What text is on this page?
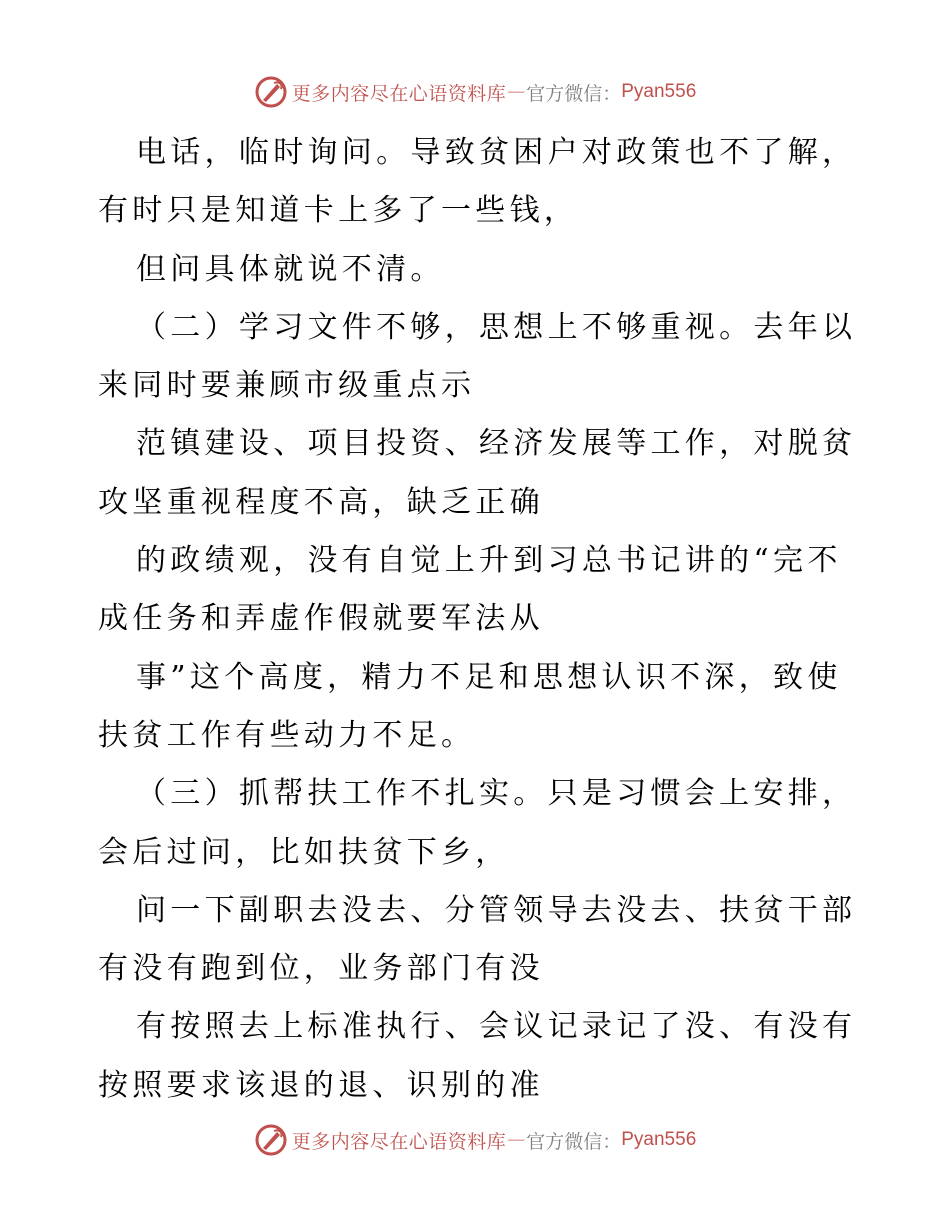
更多内容尽在心语资料库 — 官方微信： Pyan556
电话，临时询问。导致贫困户对政策也不了解，
有时只是知道卡上多了一些钱，
但问具体就说不清。
（二）学习文件不够，思想上不够重视。去年以
来同时要兼顾市级重点示
范镇建设、项目投资、经济发展等工作，对脱贫
攻坚重视程度不高，缺乏正确
的政绩观，没有自觉上升到习总书记讲的“完不
成任务和弄虚作假就要军法从
事”这个高度，精力不足和思想认识不深，致使
扶贫工作有些动力不足。
（三）抓帮扶工作不扎实。只是习惯会上安排，
会后过问，比如扶贫下乡，
问一下副职去没去、分管领导去没去、扶贫干部
有没有跑到位，业务部门有没
有按照去上标准执行、会议记录记了没、有没有
按照要求该退的退、识别的准
更多内容尽在心语资料库 — 官方微信： Pyan556
